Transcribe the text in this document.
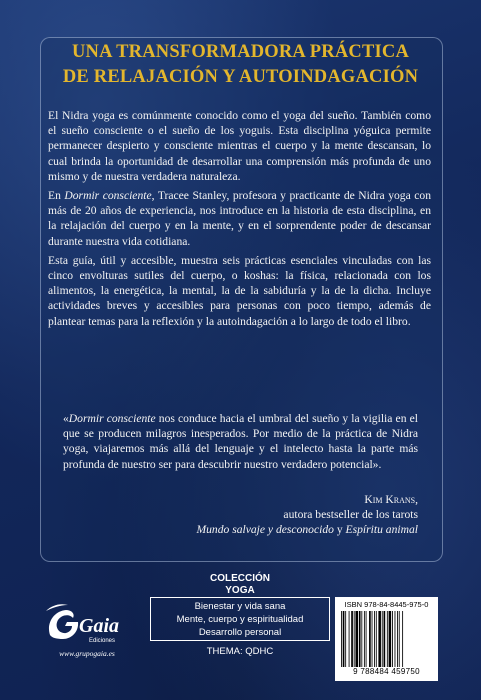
UNA TRANSFORMADORA PRÁCTICA
DE RELAJACIÓN Y AUTOINDAGACIÓN

El Nidra yoga es comúnmente conocido como el yoga del sueño. También como el sueño consciente o el sueño de los yoguis. Esta disciplina yóguica permite permanecer despierto y consciente mientras el cuerpo y la mente descansan, lo cual brinda la oportunidad de desarrollar una comprensión más profunda de uno mismo y de nuestra verdadera naturaleza.

En Dormir consciente, Tracee Stanley, profesora y practicante de Nidra yoga con más de 20 años de experiencia, nos introduce en la historia de esta disciplina, en la relajación del cuerpo y en la mente, y en el sorprendente poder de descansar durante nuestra vida cotidiana.

Esta guía, útil y accesible, muestra seis prácticas esenciales vinculadas con las cinco envolturas sutiles del cuerpo, o koshas: la física, relacionada con los alimentos, la energética, la mental, la de la sabiduría y la de la dicha. Incluye actividades breves y accesibles para personas con poco tiempo, además de plantear temas para la reflexión y la autoindagación a lo largo de todo el libro.

«Dormir consciente nos conduce hacia el umbral del sueño y la vigilia en el que se producen milagros inesperados. Por medio de la práctica de Nidra yoga, viajaremos más allá del lenguaje y el intelecto hasta la parte más profunda de nuestro ser para descubrir nuestro verdadero potencial».

Kim Krans,
autora bestseller de los tarots
Mundo salvaje y desconocido y Espíritu animal
Gaia
Ediciones
www.grupogaia.es
COLECCIÓN
YOGA
Bienestar y vida sana
Mente, cuerpo y espiritualidad
Desarrollo personal
THEMA: QDHC
ISBN 978-84-8445-975-0
9 788484 459750
